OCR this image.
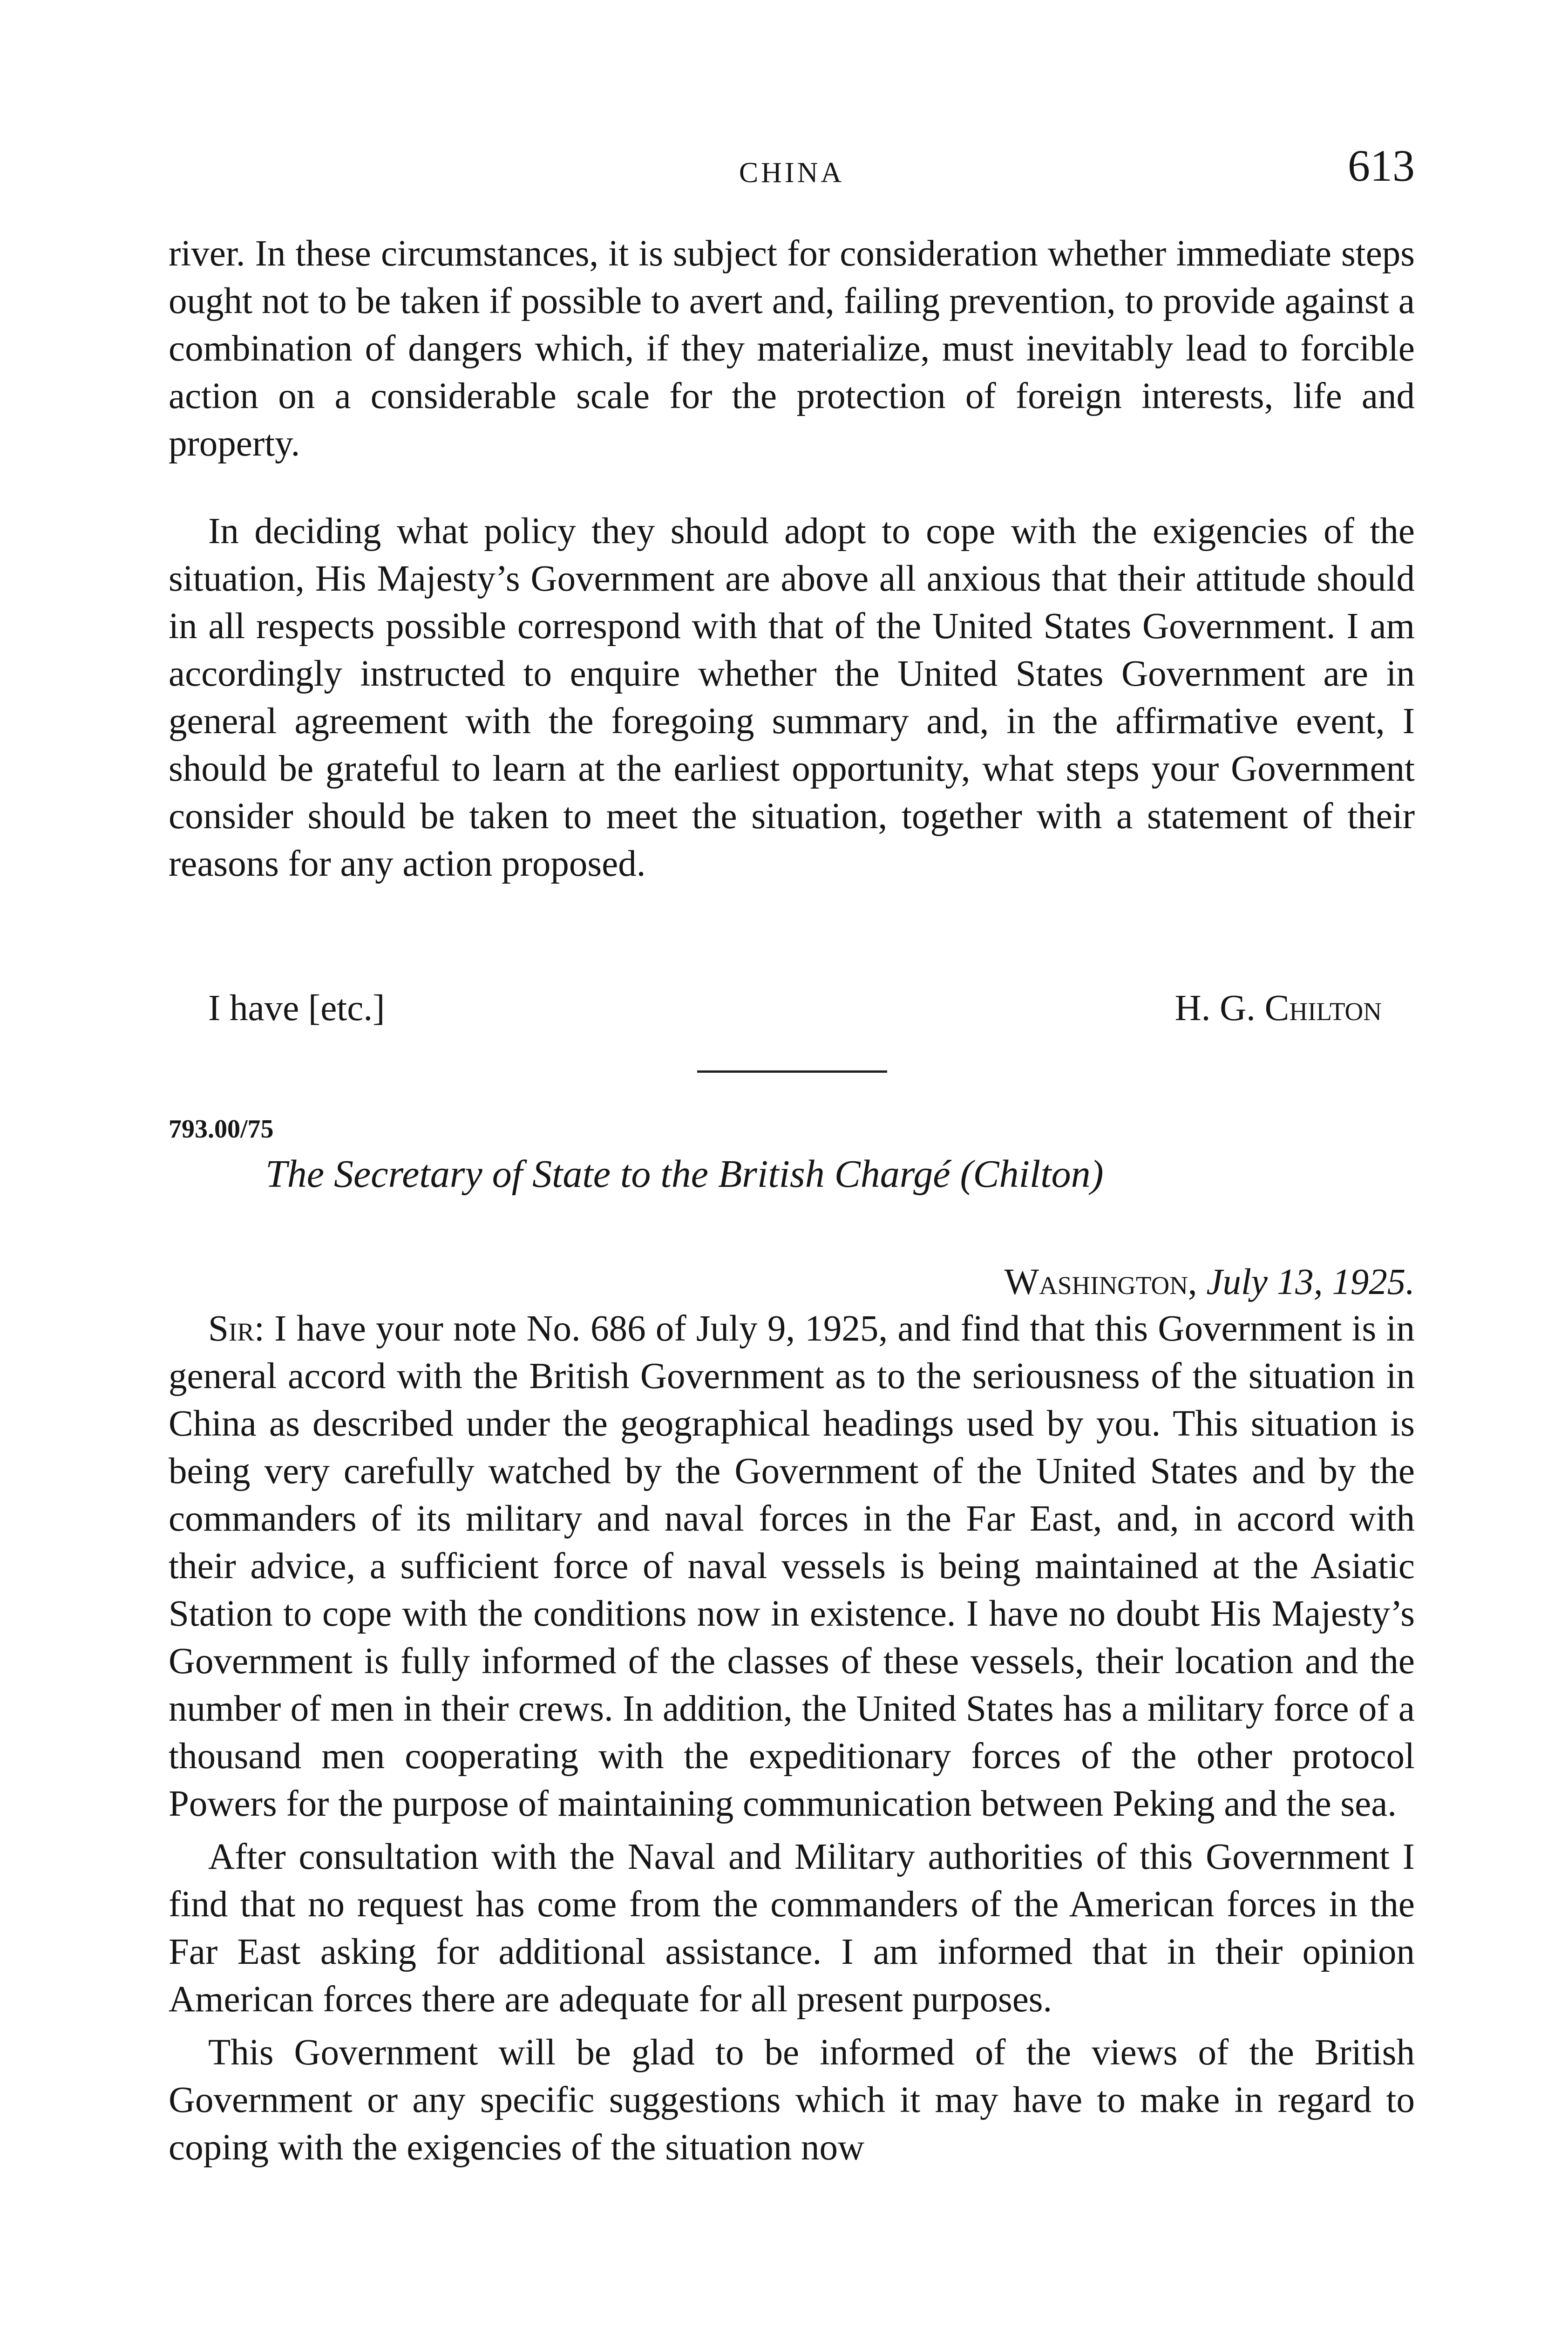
CHINA	613

river. In these circumstances, it is subject for consideration whether immediate steps ought not to be taken if possible to avert and, failing prevention, to provide against a combination of dangers which, if they materialize, must inevitably lead to forcible action on a considerable scale for the protection of foreign interests, life and property.

In deciding what policy they should adopt to cope with the exigencies of the situation, His Majesty’s Government are above all anxious that their attitude should in all respects possible correspond with that of the United States Government. I am accordingly instructed to enquire whether the United States Government are in general agreement with the foregoing summary and, in the affirmative event, I should be grateful to learn at the earliest opportunity, what steps your Government consider should be taken to meet the situation, together with a statement of their reasons for any action proposed.

I have [etc.]	H. G. Chilton
793.00/75
The Secretary of State to the British Chargé (Chilton)
Washington, July 13, 1925.

Sir: I have your note No. 686 of July 9, 1925, and find that this Government is in general accord with the British Government as to the seriousness of the situation in China as described under the geographical headings used by you. This situation is being very carefully watched by the Government of the United States and by the commanders of its military and naval forces in the Far East, and, in accord with their advice, a sufficient force of naval vessels is being maintained at the Asiatic Station to cope with the conditions now in existence. I have no doubt His Majesty’s Government is fully informed of the classes of these vessels, their location and the number of men in their crews. In addition, the United States has a military force of a thousand men cooperating with the expeditionary forces of the other protocol Powers for the purpose of maintaining communication between Peking and the sea.

After consultation with the Naval and Military authorities of this Government I find that no request has come from the commanders of the American forces in the Far East asking for additional assistance. I am informed that in their opinion American forces there are adequate for all present purposes.

This Government will be glad to be informed of the views of the British Government or any specific suggestions which it may have to make in regard to coping with the exigencies of the situation now
